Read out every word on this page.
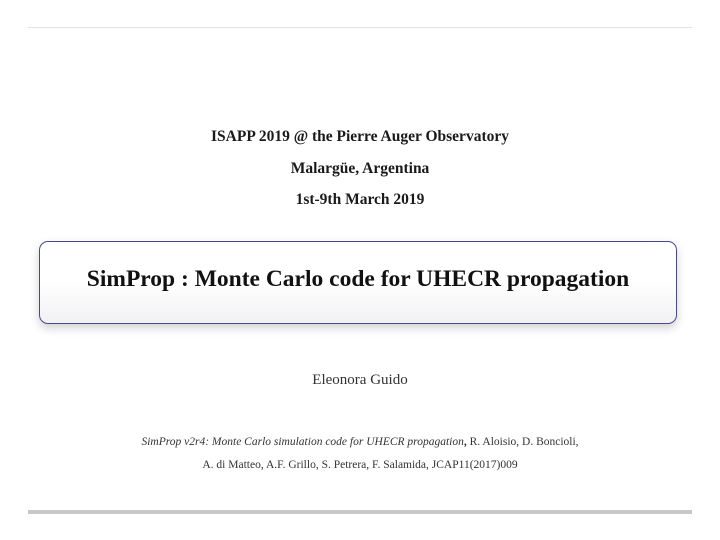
ISAPP 2019 @ the Pierre Auger Observatory
Malargüe, Argentina
1st-9th March 2019
SimProp : Monte Carlo code for UHECR propagation
Eleonora Guido
SimProp v2r4: Monte Carlo simulation code for UHECR propagation, R. Aloisio, D. Boncioli,
A. di Matteo, A.F. Grillo, S. Petrera, F. Salamida, JCAP11(2017)009
